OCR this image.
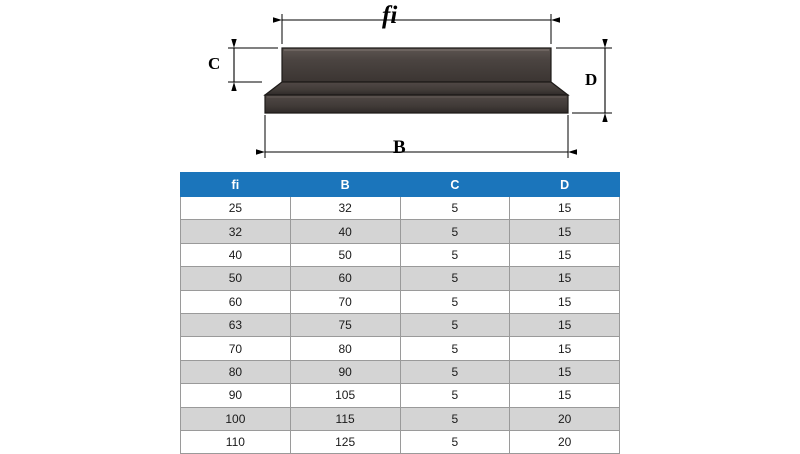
fi
B
C
D
fi	B	C	D
25	32	5	15
32	40	5	15
40	50	5	15
50	60	5	15
60	70	5	15
63	75	5	15
70	80	5	15
80	90	5	15
90	105	5	15
100	115	5	20
110	125	5	20
